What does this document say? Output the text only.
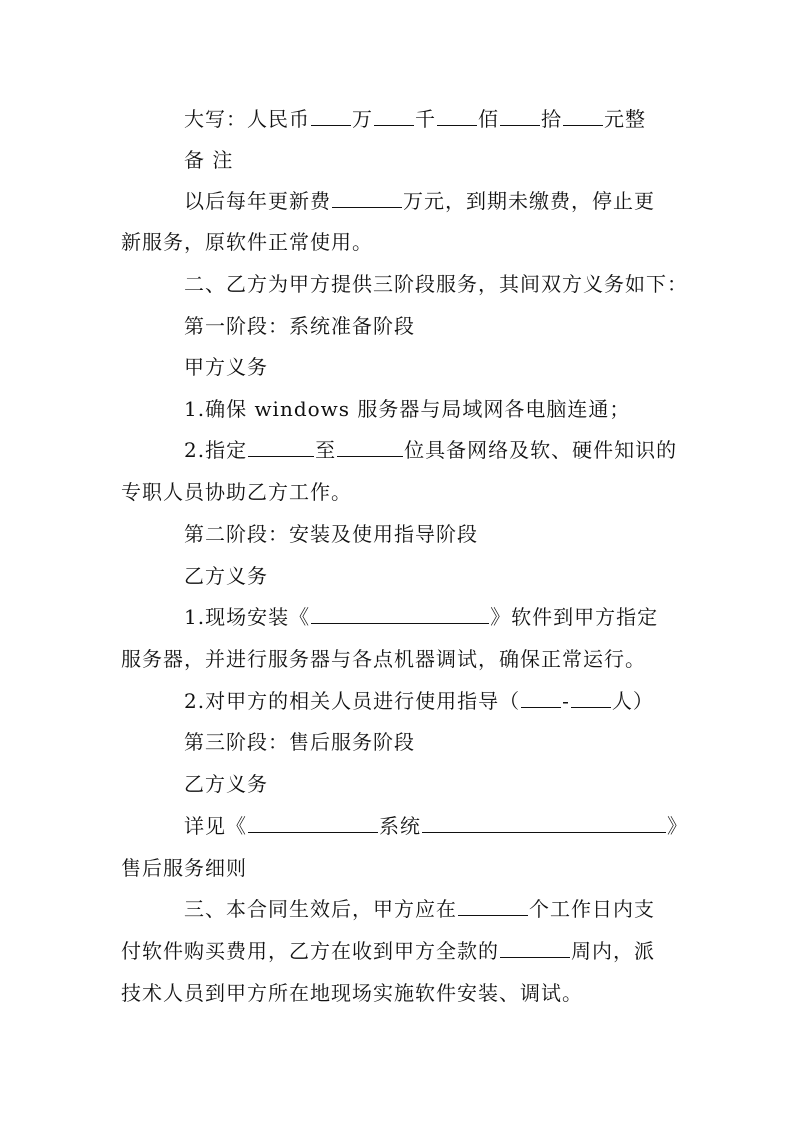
大写：人民币 万 千 佰 拾 元整
备 注
以后每年更新费	万元，到期未缴费，停止更
新服务，原软件正常使用。
二、乙方为甲方提供三阶段服务，其间双方义务如下：
第一阶段：系统准备阶段
甲方义务
1.确保 windows 服务器与局域网各电脑连通；
2.指定	至	位具备网络及软、硬件知识的
专职人员协助乙方工作。
第二阶段：安装及使用指导阶段
乙方义务
1.现场安装《	》软件到甲方指定
服务器，并进行服务器与各点机器调试，确保正常运行。
2.对甲方的相关人员进行使用指导（ - 人）
第三阶段：售后服务阶段
乙方义务
详见《	系统	》
售后服务细则
三、本合同生效后，甲方应在	个工作日内支
付软件购买费用，乙方在收到甲方全款的	周内，派
技术人员到甲方所在地现场实施软件安装、调试。
